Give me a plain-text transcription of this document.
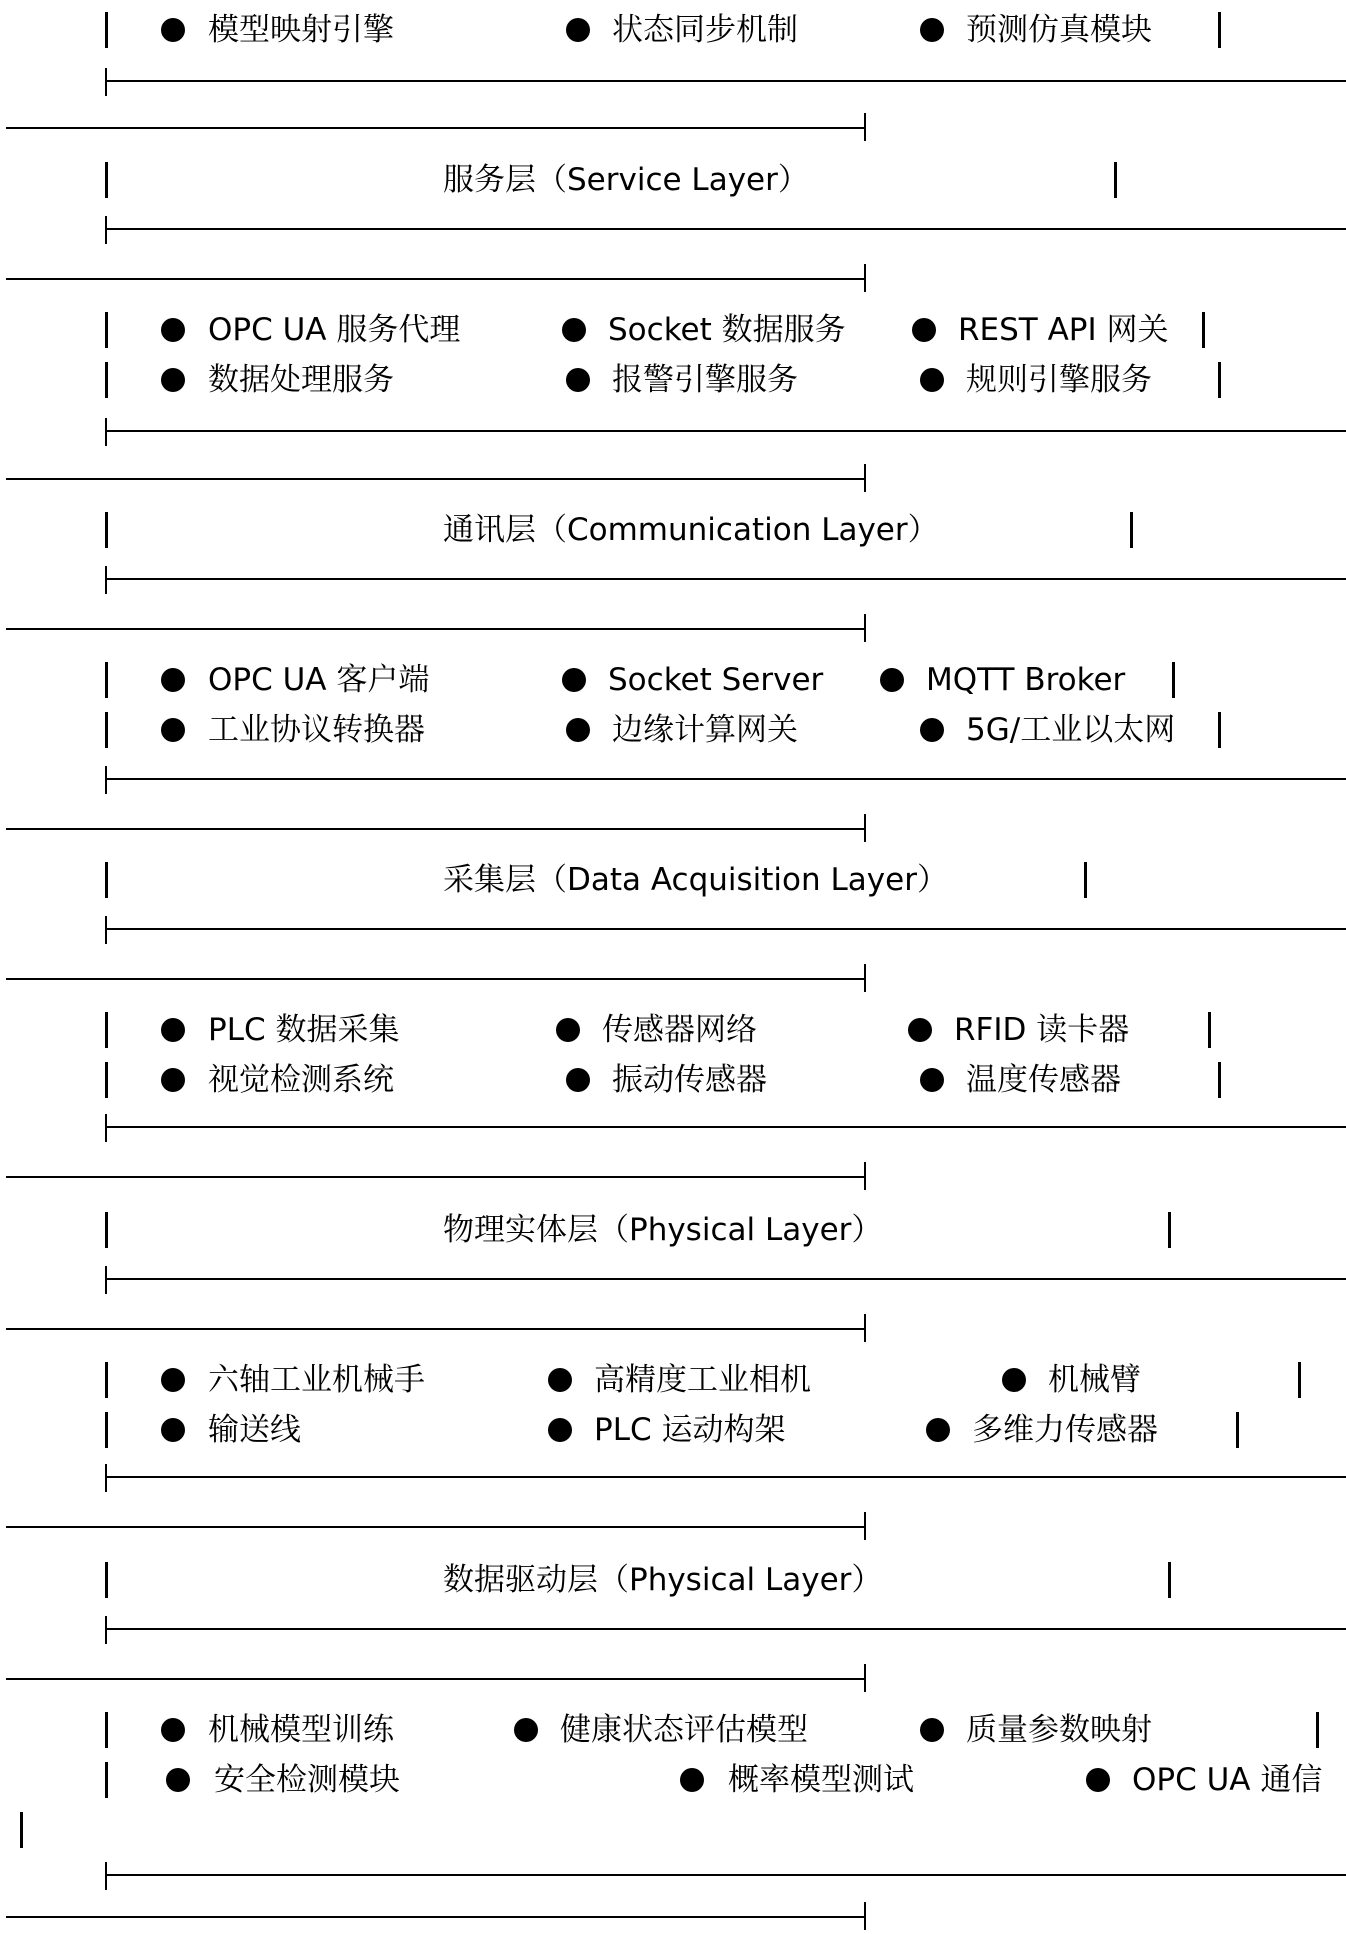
模型映射引擎	状态同步机制	预测仿真模块
服务层（Service Layer）
OPC UA 服务代理	Socket 数据服务	REST API 网关
数据处理服务	报警引擎服务	规则引擎服务
通讯层（Communication Layer）
OPC UA 客户端	Socket Server	MQTT Broker
工业协议转换器	边缘计算网关	5G/工业以太网
采集层（Data Acquisition Layer）
PLC 数据采集	传感器网络	RFID 读卡器
视觉检测系统	振动传感器	温度传感器
物理实体层（Physical Layer）
六轴工业机械手	高精度工业相机	机械臂
输送线	PLC 运动构架	多维力传感器
数据驱动层（Physical Layer）
机械模型训练	健康状态评估模型	质量参数映射
安全检测模块	概率模型测试	OPC UA 通信
